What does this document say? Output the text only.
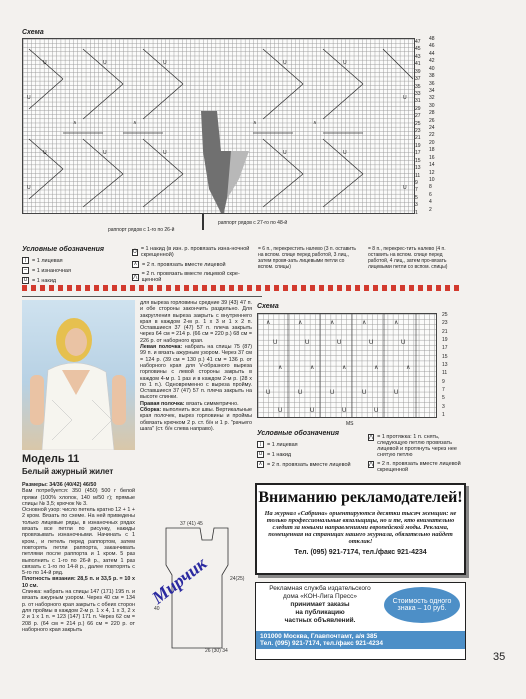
Схема
U	U	U	U	U
U	U	U	U	U
U
U
U
U
∧	∧	∧	∧
2
4
6
8
10
12
14
16
18
20
22
24
26
28
30
32
34
36
38
40
42
44
46
48
1
3
5
7
9
11
13
15
17
19
21
23
25
27
29
31
33
35
37
39
41
43
45
47
раппорт рядов с 27-го по 48-й
раппорт рядов с 1-го по 26-й
Условные обозначения
|	= 1 лицевая
– = 1 изнаночная
U = 1 накид
Ū = 1 накид (в изн. р. провязать изна-ночной скрещенной)
∧ = 2 п. провязать вместе лицевой
⋀ = 2 п. провязать вместе лицевой скре-щенной
= 6 п., перекрестить налево (3 п. оставить на вспом. спице перед работой, 3 лиц., затем провя-зать лицевыми петли со вспом. спицы)
= 8 п., перекрес-тить налево (4 п. оставить на вспом. спице перед работой, 4 лиц., затем про-вязать лицевыми петли со вспом. спицы)
Модель 11
Белый ажурный жилет

Размеры: 34/36 (40/42) 46/50

Вам потребуется: 350 (450) 500 г белой пряжи (100% хлопок, 140 м/50 г); прямые спицы № 3,5; крючок № 3.

Основной узор: число петель кратно 12 + 1 + 2 кром. Вязать по схеме. На ней приведены только лицевые ряды, в изнаночных рядах вязать все петли по рисунку, накиды провязывать изнаночными. Начинать с 1 кром., и петель перед раппортом, затем повторять петли раппорта, заканчивать петлями после раппорта и 1 кром. 5 раз выполнить с 1-го по 26-й р., затем 1 раз связать с 1-го по 14-й р., далее повторять с 5-го по 14-й ряд.

Плотность вязания: 28,5 п. и 33,5 р. = 10 х 10 см.

Спинка: набрать на спицы 147 (171) 195 п. и вязать ажурным узором. Через 40 см = 134 р. от наборного края закрыть с обеих сторон для проймы в каждом 2-м р. 1 х 4, 1 х 3, 2 х 2 и 1 х 1 п. = 123 (147) 171 п. Через 62 см = 208 р. (64 см = 214 р.) 66 см = 220 р. от наборного края закрыть

для выреза горловины средние 39 (43) 47 п. и обе стороны закончить раздельно. Для закругления выреза закрыть с внутреннего края в каждом 2-м р. 1 х 3 и 1 х 2 п. Оставшиеся 37 (47) 57 п. плеча закрыть через 64 см = 214 р. (66 см = 220 р.) 68 см = 226 р. от наборного края.

Левая полочка: набрать на спицы 75 (87) 99 п. и вязать ажурным узором. Через 37 см = 124 р. (39 см = 130 р.) 41 см = 136 р. от наборного края для V-образного выреза горловины с левой стороны закрыть в каждом 4-м р. 1 раз и в каждом 2-м р. (28 х по 1 п.). Одновременно с выреза пройму. Оставшиеся 37 (47) 57 п. плеча закрыть на высоте спинки.

Правая полочка: вязать симметрично.

Сборка: выполнить все швы. Вертикальные края полочек, вырез горловины и проймы обвязать крючком 2 р. ст. б/н и 1 р. "рачьего шага" (ст. б/н слева направо).

26 (30) 34
40
37 (41) 45
24(25)
Мирчик
Схема
∧	∧	∧	∧	∧
U	U	U	U	U
∧	∧	∧	∧	∧
U	U	U	U	U
U	U	U	U
1
3
5
7
9
11
13
15
17
19
21
23
25
MS
Условные обозначения
|	= 1 лицевая
U = 1 накид
∧ = 2 п. провязать вместе лицевой
⋀ = 1 протяжка: 1 п. снять, следующую петлю провязать лицевой и протянуть через нее снятую петлю
⋀ = 2 п. провязать вместе лицевой скрещенной
Вниманию рекламодателей!
На журнал «Сабрина» ориентируются десятки тысяч женщин: не только профессиональные вязальщицы, но и те, кто внимательно следит за новыми направлениями европейской моды. Реклама, помещенная на страницах нашего журнала, обязательно найдет отклик!
Тел. (095) 921-7174, тел./факс 921-4234
Рекламная служба издательского
дома «КОН-Лига Пресс»
принимает заказы
на публикацию
частных объявлений.
Стоимость одного знака – 10 руб.
101000 Москва, Главпочтамт, а/я 385
Тел. (095) 921-7174, тел./факс 921-4234
35
